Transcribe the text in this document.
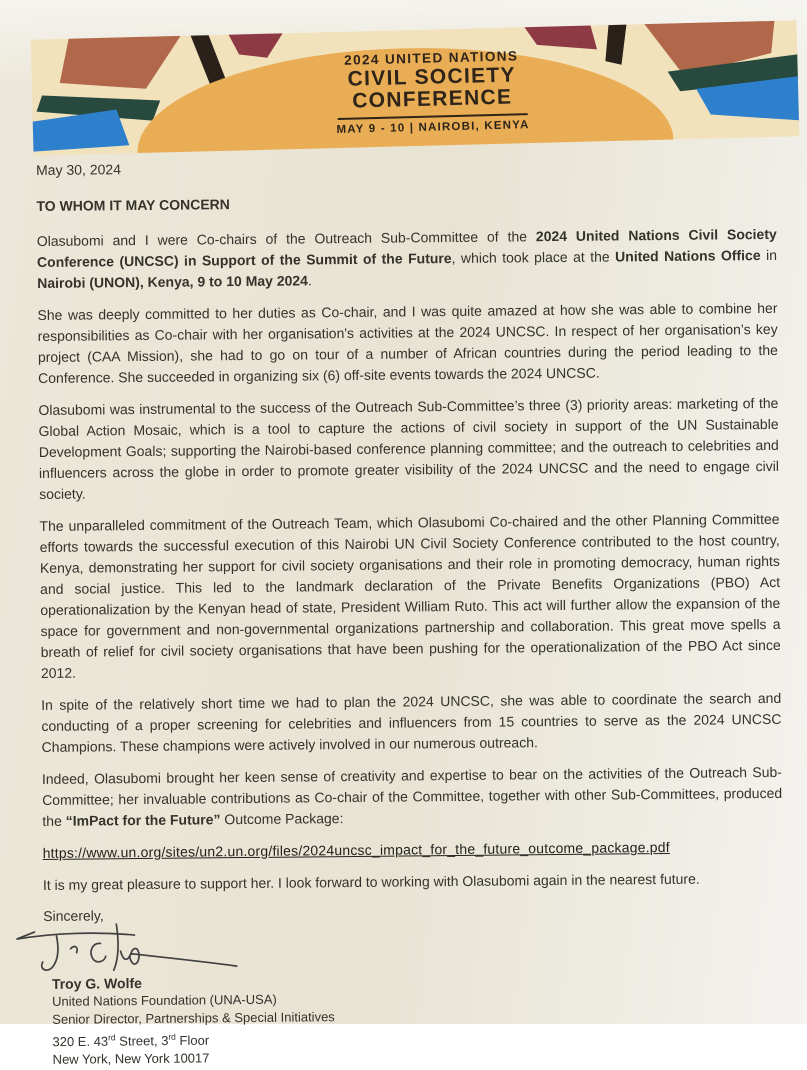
2024 UNITED NATIONS
CIVIL SOCIETY
CONFERENCE
MAY 9 - 10 | NAIROBI, KENYA

May 30, 2024

TO WHOM IT MAY CONCERN

Olasubomi and I were Co-chairs of the Outreach Sub-Committee of the 2024 United Nations Civil Society Conference (UNCSC) in Support of the Summit of the Future, which took place at the United Nations Office in Nairobi (UNON), Kenya, 9 to 10 May 2024.

She was deeply committed to her duties as Co-chair, and I was quite amazed at how she was able to combine her responsibilities as Co-chair with her organisation's activities at the 2024 UNCSC. In respect of her organisation’s key project (CAA Mission), she had to go on tour of a number of African countries during the period leading to the Conference. She succeeded in organizing six (6) off-site events towards the 2024 UNCSC.

Olasubomi was instrumental to the success of the Outreach Sub-Committee’s three (3) priority areas: marketing of the Global Action Mosaic, which is a tool to capture the actions of civil society in support of the UN Sustainable Development Goals; supporting the Nairobi-based conference planning committee; and the outreach to celebrities and influencers across the globe in order to promote greater visibility of the 2024 UNCSC and the need to engage civil society.

The unparalleled commitment of the Outreach Team, which Olasubomi Co-chaired and the other Planning Committee efforts towards the successful execution of this Nairobi UN Civil Society Conference contributed to the host country, Kenya, demonstrating her support for civil society organisations and their role in promoting democracy, human rights and social justice. This led to the landmark declaration of the Private Benefits Organizations (PBO) Act operationalization by the Kenyan head of state, President William Ruto. This act will further allow the expansion of the space for government and non-governmental organizations partnership and collaboration. This great move spells a breath of relief for civil society organisations that have been pushing for the operationalization of the PBO Act since 2012.

In spite of the relatively short time we had to plan the 2024 UNCSC, she was able to coordinate the search and conducting of a proper screening for celebrities and influencers from 15 countries to serve as the 2024 UNCSC Champions. These champions were actively involved in our numerous outreach.

Indeed, Olasubomi brought her keen sense of creativity and expertise to bear on the activities of the Outreach Sub-Committee; her invaluable contributions as Co-chair of the Committee, together with other Sub-Committees, produced the “ImPact for the Future” Outcome Package:

https://www.un.org/sites/un2.un.org/files/2024uncsc_impact_for_the_future_outcome_package.pdf

It is my great pleasure to support her. I look forward to working with Olasubomi again in the nearest future.

Sincerely,

Troy G. Wolfe
United Nations Foundation (UNA-USA)
Senior Director, Partnerships & Special Initiatives
320 E. 43rd Street, 3rd Floor
New York, New York 10017
